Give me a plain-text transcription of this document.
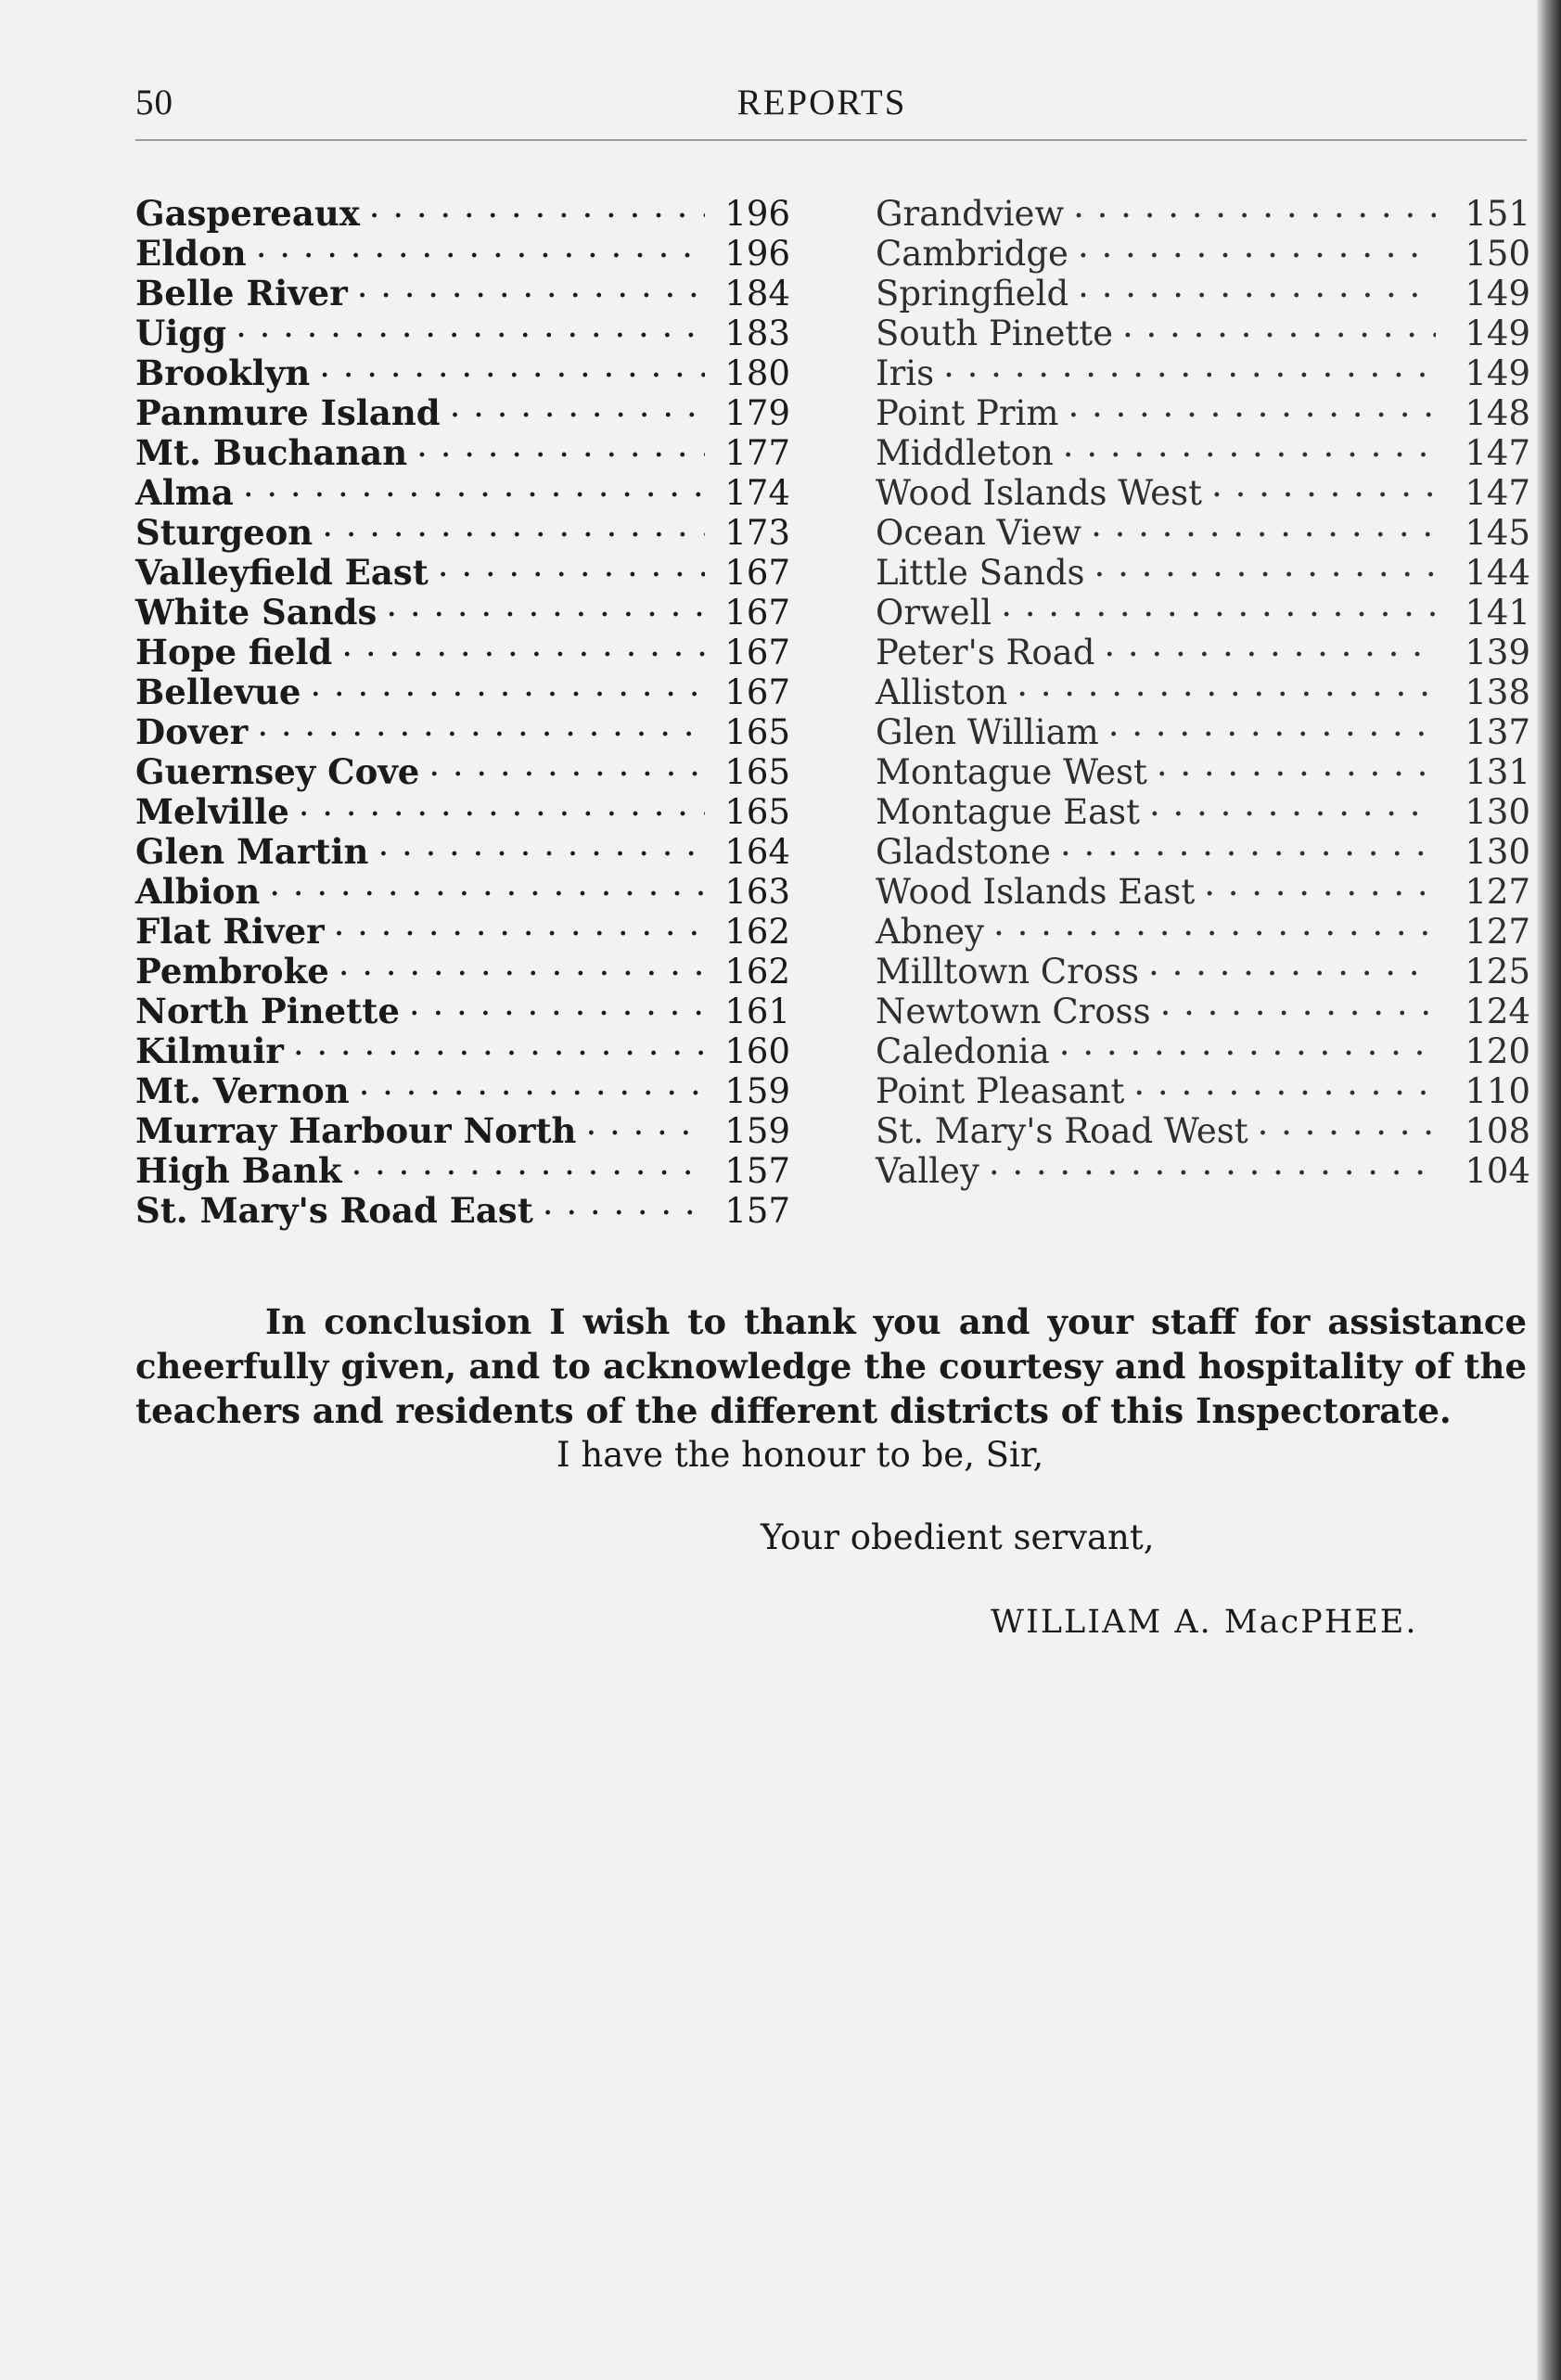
50	REPORTS
Gaspereaux . . .	196
Eldon . . .	196
Belle River . . .	184
Uigg . . .	183
Brooklyn . . .	180
Panmure Island . . .	179
Mt. Buchanan . . .	177
Alma . . .	174
Sturgeon . . .	173
Valleyfield East . . .	167
White Sands . . .	167
Hope field . . .	167
Bellevue . . .	167
Dover . . .	165
Guernsey Cove . . .	165
Melville . . .	165
Glen Martin . . .	164
Albion . . .	163
Flat River . . .	162
Pembroke . . .	162
North Pinette . . .	161
Kilmuir . . .	160
Mt. Vernon . . .	159
Murray Harbour North . . .	159
High Bank . . .	157
St. Mary's Road East . . .	157
Grandview . . .	151
Cambridge . . .	150
Springfield . . .	149
South Pinette . . .	149
Iris . . .	149
Point Prim . . .	148
Middleton . . .	147
Wood Islands West . . .	147
Ocean View . . .	145
Little Sands . . .	144
Orwell . . .	141
Peter's Road . . .	139
Alliston . . .	138
Glen William . . .	137
Montague West . . .	131
Montague East . . .	130
Gladstone . . .	130
Wood Islands East . . .	127
Abney . . .	127
Milltown Cross . . .	125
Newtown Cross . . .	124
Caledonia . . .	120
Point Pleasant . . .	110
St. Mary's Road West . . .	108
Valley . . .	104

In conclusion I wish to thank you and your staff for assistance cheerfully given, and to acknowledge the courtesy and hospitality of the teachers and residents of the different districts of this Inspectorate.

I have the honour to be, Sir,
Your obedient servant,
WILLIAM A. MacPHEE.
